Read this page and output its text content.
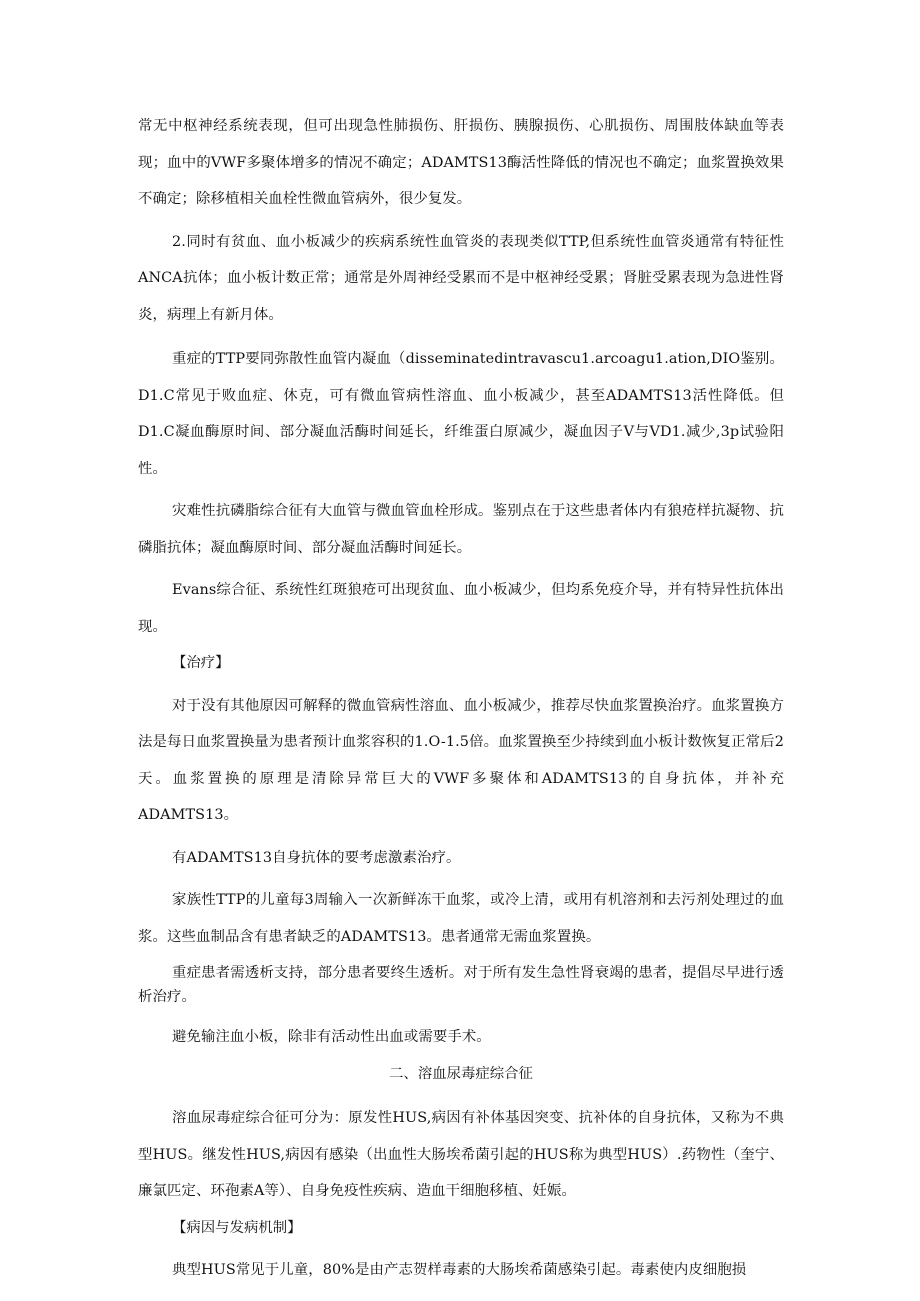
常无中枢神经系统表现，但可出现急性肺损伤、肝损伤、胰腺损伤、心肌损伤、周围肢体缺血等表现；血中的VWF多聚体增多的情况不确定；ADAMTS13酶活性降低的情况也不确定；血浆置换效果不确定；除移植相关血栓性微血管病外，很少复发。

2.同时有贫血、血小板减少的疾病系统性血管炎的表现类似TTP,但系统性血管炎通常有特征性ANCA抗体；血小板计数正常；通常是外周神经受累而不是中枢神经受累；肾脏受累表现为急进性肾炎，病理上有新月体。

重症的TTP要同弥散性血管内凝血（disseminatedintravascu1.arcoagu1.ation,DIO鉴别。D1.C常见于败血症、休克，可有微血管病性溶血、血小板减少，甚至ADAMTS13活性降低。但D1.C凝血酶原时间、部分凝血活酶时间延长，纤维蛋白原减少，凝血因子V与VD1.减少,3p试验阳性。

灾难性抗磷脂综合征有大血管与微血管血栓形成。鉴别点在于这些患者体内有狼疮样抗凝物、抗磷脂抗体；凝血酶原时间、部分凝血活酶时间延长。

Evans综合征、系统性红斑狼疮可出现贫血、血小板减少，但均系免疫介导，并有特异性抗体出现。

【治疗】

对于没有其他原因可解释的微血管病性溶血、血小板减少，推荐尽快血浆置换治疗。血浆置换方法是每日血浆置换量为患者预计血浆容积的1.O-1.5倍。血浆置换至少持续到血小板计数恢复正常后2天。血浆置换的原理是清除异常巨大的VWF多聚体和ADAMTS13的自身抗体，并补充ADAMTS13。

有ADAMTS13自身抗体的要考虑激素治疗。

家族性TTP的儿童每3周输入一次新鲜冻干血浆，或冷上清，或用有机溶剂和去污剂处理过的血浆。这些血制品含有患者缺乏的ADAMTS13。患者通常无需血浆置换。

重症患者需透析支持，部分患者要终生透析。对于所有发生急性肾衰竭的患者，提倡尽早进行透析治疗。

避免输注血小板，除非有活动性出血或需要手术。

二、溶血尿毒症综合征

溶血尿毒症综合征可分为：原发性HUS,病因有补体基因突变、抗补体的自身抗体，又称为不典型HUS。继发性HUS,病因有感染（出血性大肠埃希菌引起的HUS称为典型HUS）.药物性（奎宁、廉氯匹定、环孢素A等）、自身免疫性疾病、造血干细胞移植、妊娠。

【病因与发病机制】

典型HUS常见于儿童，80%是由产志贺样毒素的大肠埃希菌感染引起。毒素使内皮细胞损
